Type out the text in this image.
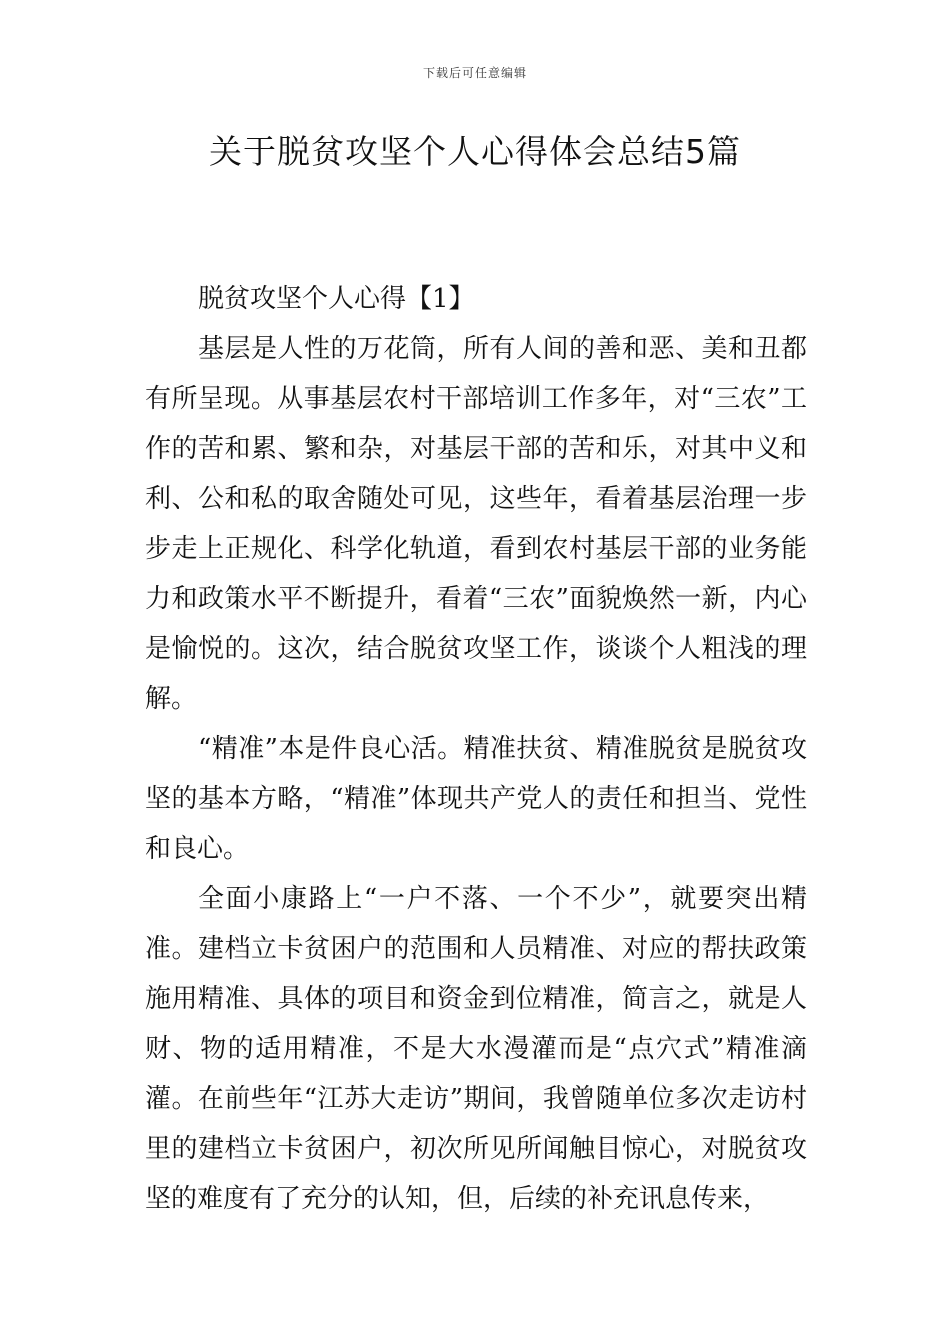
下载后可任意编辑
关于脱贫攻坚个人心得体会总结5篇

脱贫攻坚个人心得【1】

基层是人性的万花筒，所有人间的善和恶、美和丑都有所呈现。从事基层农村干部培训工作多年，对“三农”工作的苦和累、繁和杂，对基层干部的苦和乐，对其中义和利、公和私的取舍随处可见，这些年，看着基层治理一步步走上正规化、科学化轨道，看到农村基层干部的业务能力和政策水平不断提升，看着“三农”面貌焕然一新，内心是愉悦的。这次，结合脱贫攻坚工作，谈谈个人粗浅的理解。

“精准”本是件良心活。精准扶贫、精准脱贫是脱贫攻坚的基本方略，“精准”体现共产党人的责任和担当、党性和良心。

全面小康路上“一户不落、一个不少”，就要突出精准。建档立卡贫困户的范围和人员精准、对应的帮扶政策施用精准、具体的项目和资金到位精准，简言之，就是人财、物的适用精准，不是大水漫灌而是“点穴式”精准滴灌。在前些年“江苏大走访”期间，我曾随单位多次走访村里的建档立卡贫困户，初次所见所闻触目惊心，对脱贫攻坚的难度有了充分的认知，但，后续的补充讯息传来，
